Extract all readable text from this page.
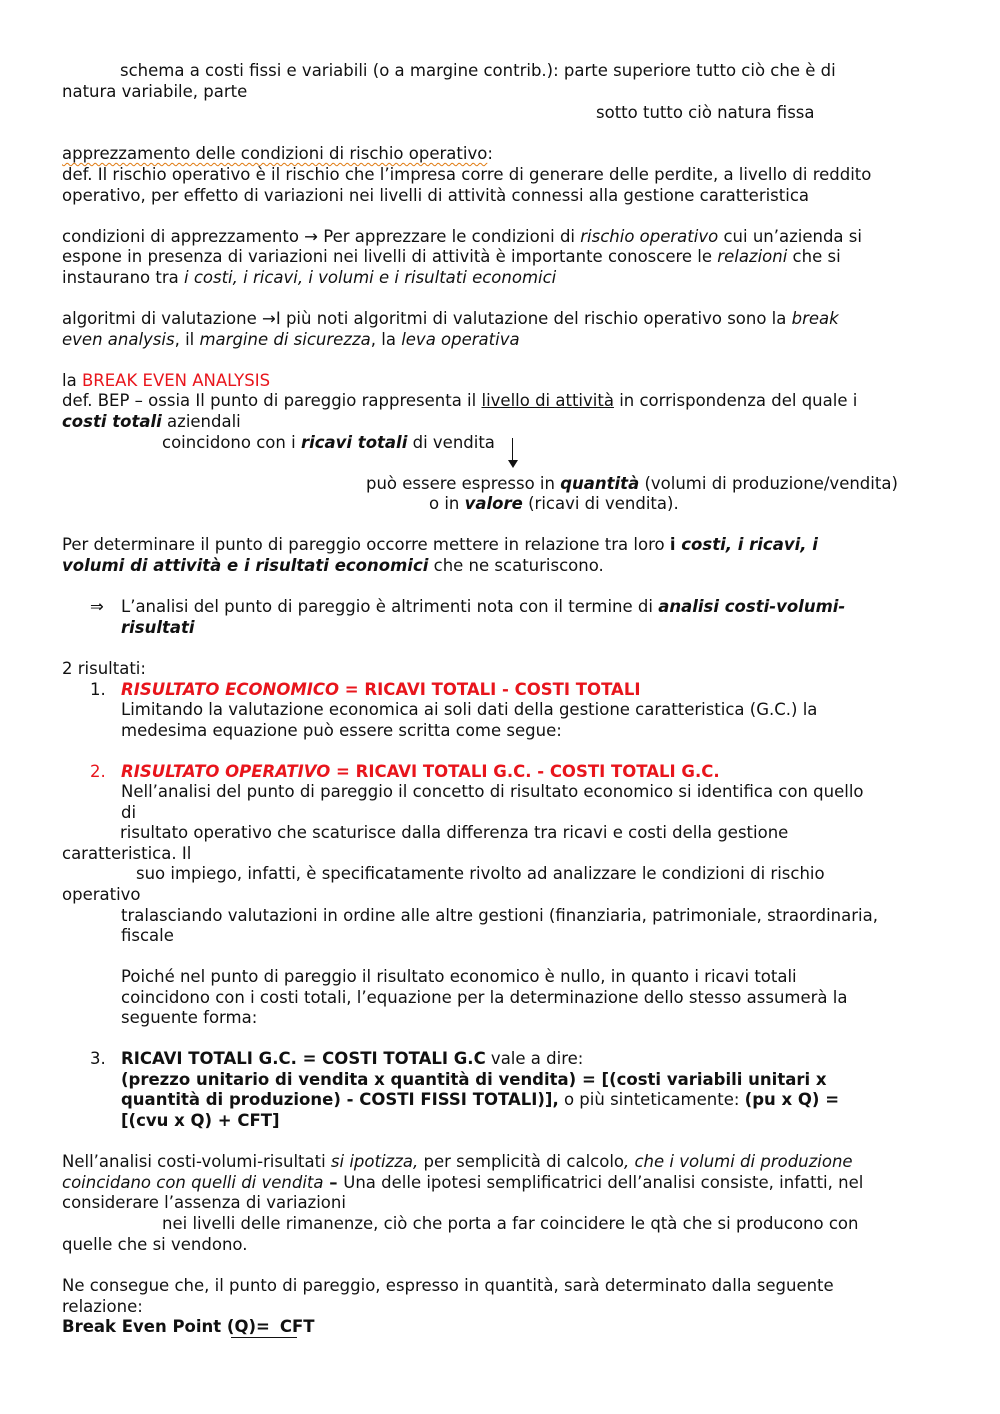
schema a costi fissi e variabili (o a margine contrib.): parte superiore tutto ciò che è di
natura variabile, parte
sotto tutto ciò natura fissa
apprezzamento delle condizioni di rischio operativo:
def. Il rischio operativo è il rischio che l’impresa corre di generare delle perdite, a livello di reddito
operativo, per effetto di variazioni nei livelli di attività connessi alla gestione caratteristica
condizioni di apprezzamento → Per apprezzare le condizioni di rischio operativo cui un’azienda si
espone in presenza di variazioni nei livelli di attività è importante conoscere le relazioni che si
instaurano tra i costi, i ricavi, i volumi e i risultati economici
algoritmi di valutazione →I più noti algoritmi di valutazione del rischio operativo sono la break
even analysis, il margine di sicurezza, la leva operativa
la BREAK EVEN ANALYSIS
def. BEP – ossia Il punto di pareggio rappresenta il livello di attività in corrispondenza del quale i
costi totali aziendali
coincidono con i ricavi totali di vendita
può essere espresso in quantità (volumi di produzione/vendita)
o in valore (ricavi di vendita).
Per determinare il punto di pareggio occorre mettere in relazione tra loro i costi, i ricavi, i
volumi di attività e i risultati economici che ne scaturiscono.
⇒ L’analisi del punto di pareggio è altrimenti nota con il termine di analisi costi-volumi-
risultati
2 risultati:
1. RISULTATO ECONOMICO = RICAVI TOTALI - COSTI TOTALI
Limitando la valutazione economica ai soli dati della gestione caratteristica (G.C.) la
medesima equazione può essere scritta come segue:
2. RISULTATO OPERATIVO = RICAVI TOTALI G.C. - COSTI TOTALI G.C.
Nell’analisi del punto di pareggio il concetto di risultato economico si identifica con quello
di
risultato operativo che scaturisce dalla differenza tra ricavi e costi della gestione
caratteristica. Il
suo impiego, infatti, è specificatamente rivolto ad analizzare le condizioni di rischio
operativo
tralasciando valutazioni in ordine alle altre gestioni (finanziaria, patrimoniale, straordinaria,
fiscale
Poiché nel punto di pareggio il risultato economico è nullo, in quanto i ricavi totali
coincidono con i costi totali, l’equazione per la determinazione dello stesso assumerà la
seguente forma:
3. RICAVI TOTALI G.C. = COSTI TOTALI G.C vale a dire:
(prezzo unitario di vendita x quantità di vendita) = [(costi variabili unitari x
quantità di produzione) - COSTI FISSI TOTALI)], o più sinteticamente: (pu x Q) =
[(cvu x Q) + CFT]
Nell’analisi costi-volumi-risultati si ipotizza, per semplicità di calcolo, che i volumi di produzione
coincidano con quelli di vendita – Una delle ipotesi semplificatrici dell’analisi consiste, infatti, nel
considerare l’assenza di variazioni
nei livelli delle rimanenze, ciò che porta a far coincidere le qtà che si producono con
quelle che si vendono.
Ne consegue che, il punto di pareggio, espresso in quantità, sarà determinato dalla seguente
relazione:
Break Even Point (Q)= CFT
